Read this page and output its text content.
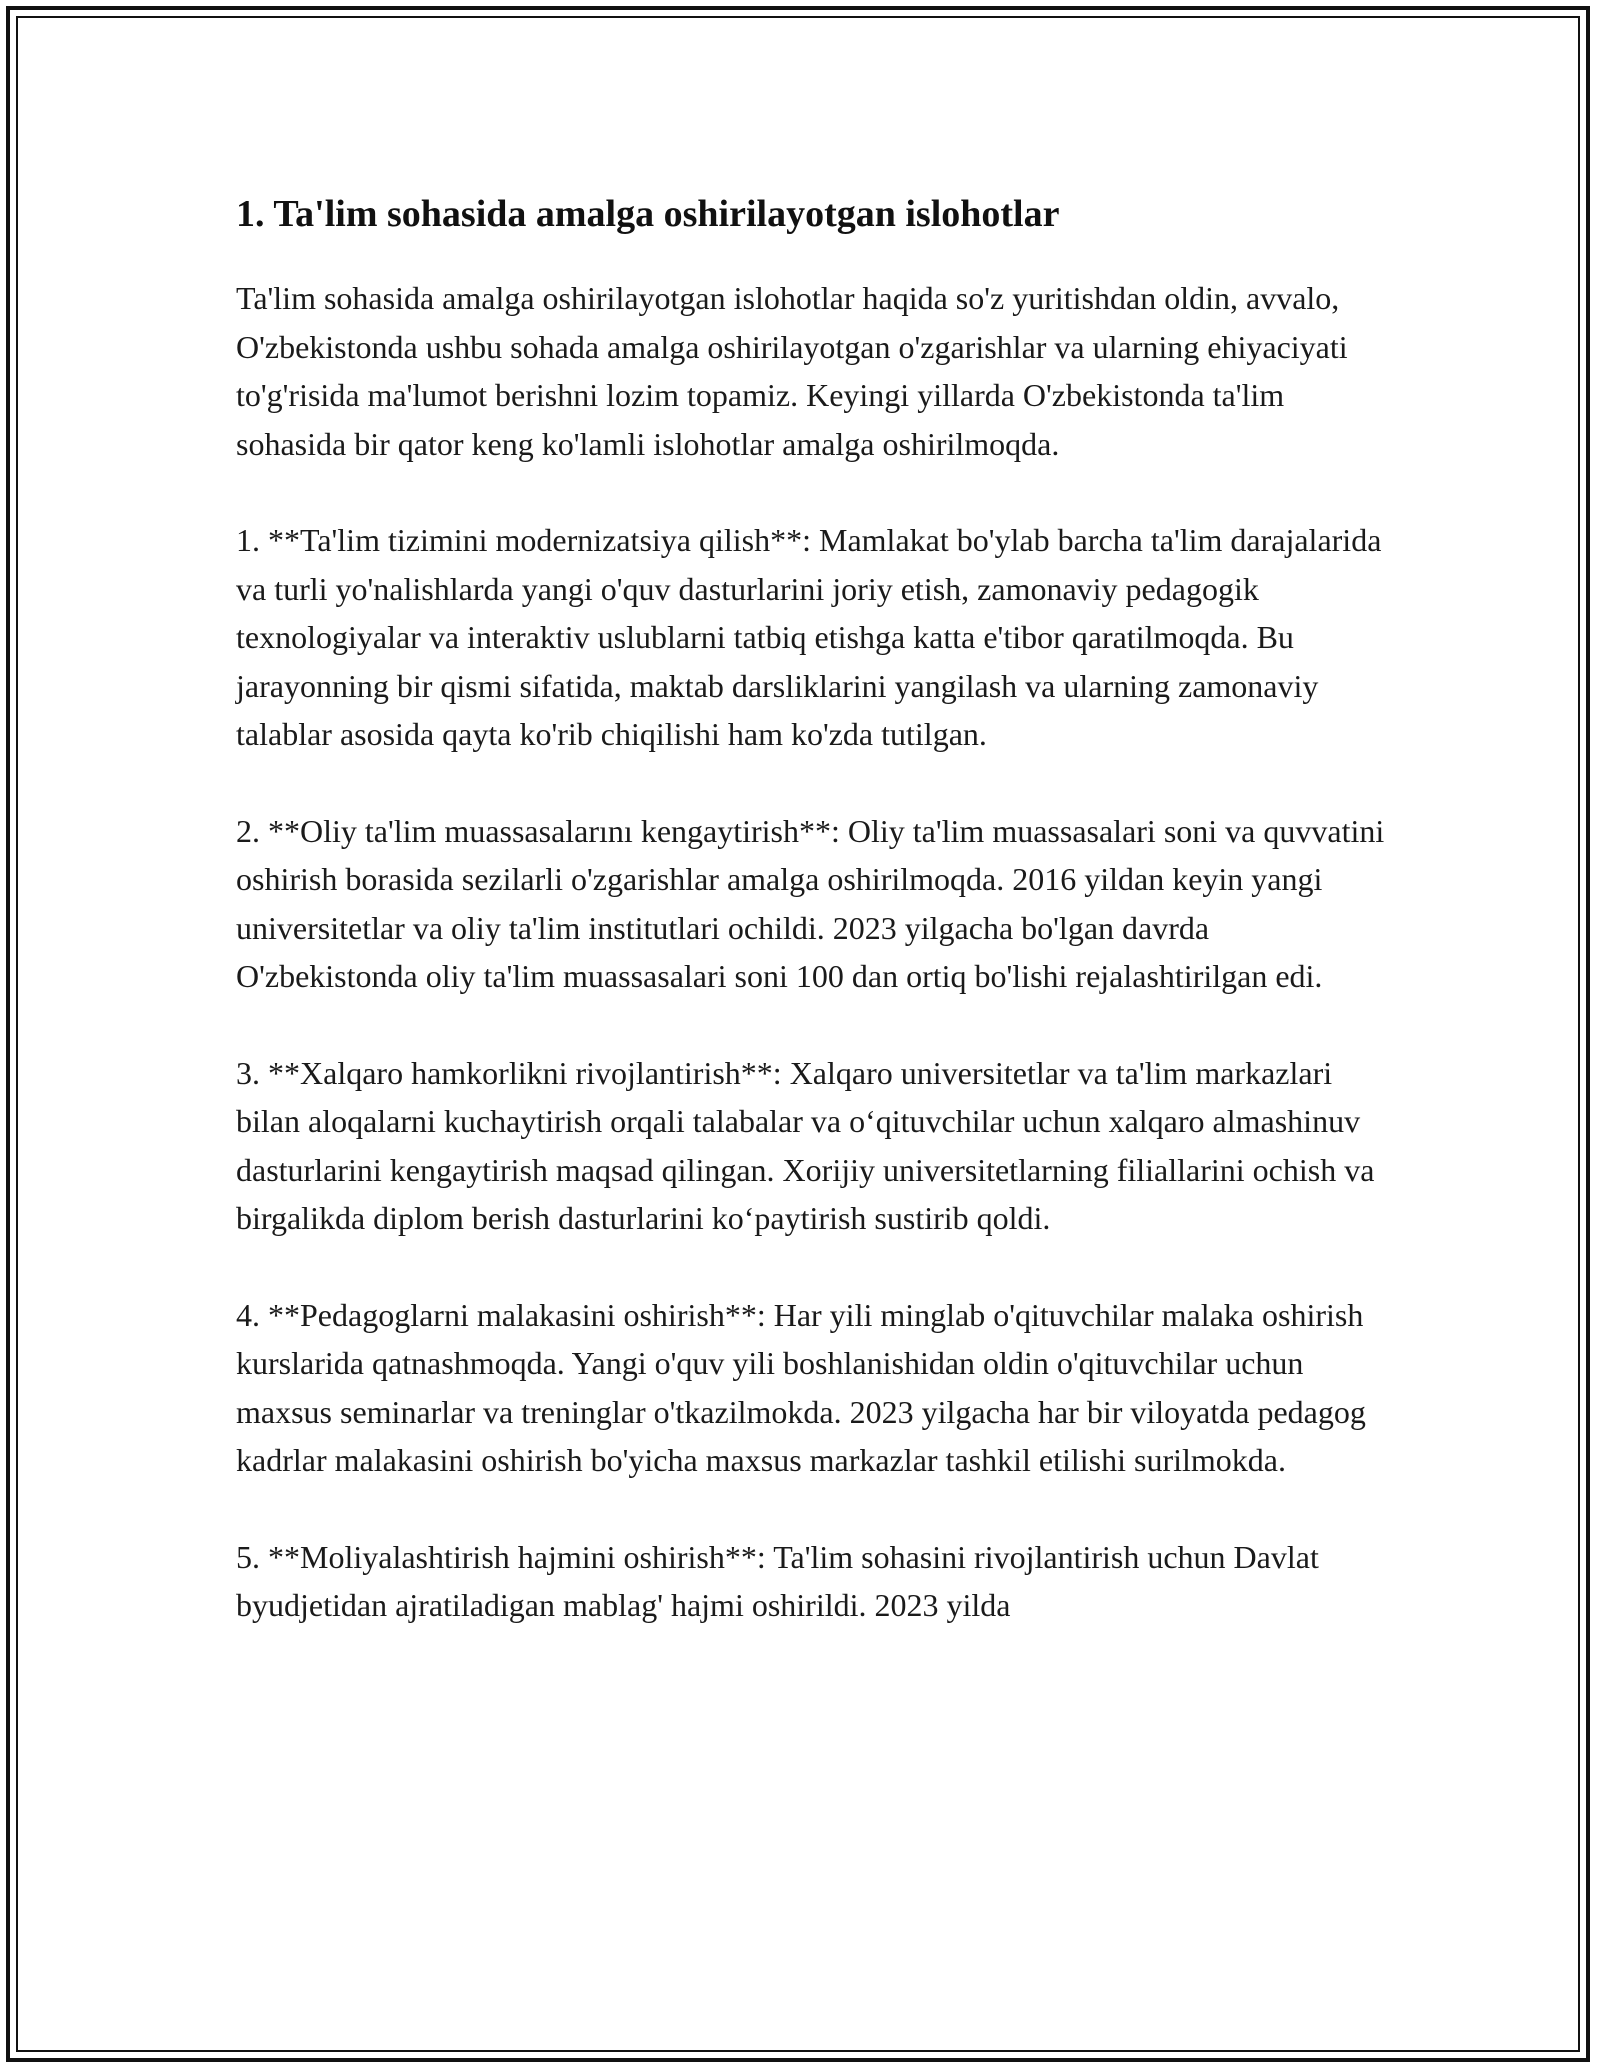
1. Ta'lim sohasida amalga oshirilayotgan islohotlar

Ta'lim sohasida amalga oshirilayotgan islohotlar haqida so'z yuritishdan oldin, avvalo, O'zbekistonda ushbu sohada amalga oshirilayotgan o'zgarishlar va ularning ehiyaciyati to'g'risida ma'lumot berishni lozim topamiz. Keyingi yillarda O'zbekistonda ta'lim sohasida bir qator keng ko'lamli islohotlar amalga oshirilmoqda.

1. **Ta'lim tizimini modernizatsiya qilish**: Mamlakat bo'ylab barcha ta'lim darajalarida va turli yo'nalishlarda yangi o'quv dasturlarini joriy etish, zamonaviy pedagogik texnologiyalar va interaktiv uslublarni tatbiq etishga katta e'tibor qaratilmoqda. Bu jarayonning bir qismi sifatida, maktab darsliklarini yangilash va ularning zamonaviy talablar asosida qayta ko'rib chiqilishi ham ko'zda tutilgan.

2. **Oliy ta'lim muassasalarını kengaytirish**: Oliy ta'lim muassasalari soni va quvvatini oshirish borasida sezilarli o'zgarishlar amalga oshirilmoqda. 2016 yildan keyin yangi universitetlar va oliy ta'lim institutlari ochildi. 2023 yilgacha bo'lgan davrda O'zbekistonda oliy ta'lim muassasalari soni 100 dan ortiq bo'lishi rejalashtirilgan edi.

3. **Xalqaro hamkorlikni rivojlantirish**: Xalqaro universitetlar va ta'lim markazlari bilan aloqalarni kuchaytirish orqali talabalar va o‘qituvchilar uchun xalqaro almashinuv dasturlarini kengaytirish maqsad qilingan. Xorijiy universitetlarning filiallarini ochish va birgalikda diplom berish dasturlarini ko‘paytirish sustirib qoldi.

4. **Pedagoglarni malakasini oshirish**: Har yili minglab o'qituvchilar malaka oshirish kurslarida qatnashmoqda. Yangi o'quv yili boshlanishidan oldin o'qituvchilar uchun maxsus seminarlar va treninglar o'tkazilmokda. 2023 yilgacha har bir viloyatda pedagog kadrlar malakasini oshirish bo'yicha maxsus markazlar tashkil etilishi surilmokda.

5. **Moliyalashtirish hajmini oshirish**: Ta'lim sohasini rivojlantirish uchun Davlat byudjetidan ajratiladigan mablag' hajmi oshirildi. 2023 yilda
